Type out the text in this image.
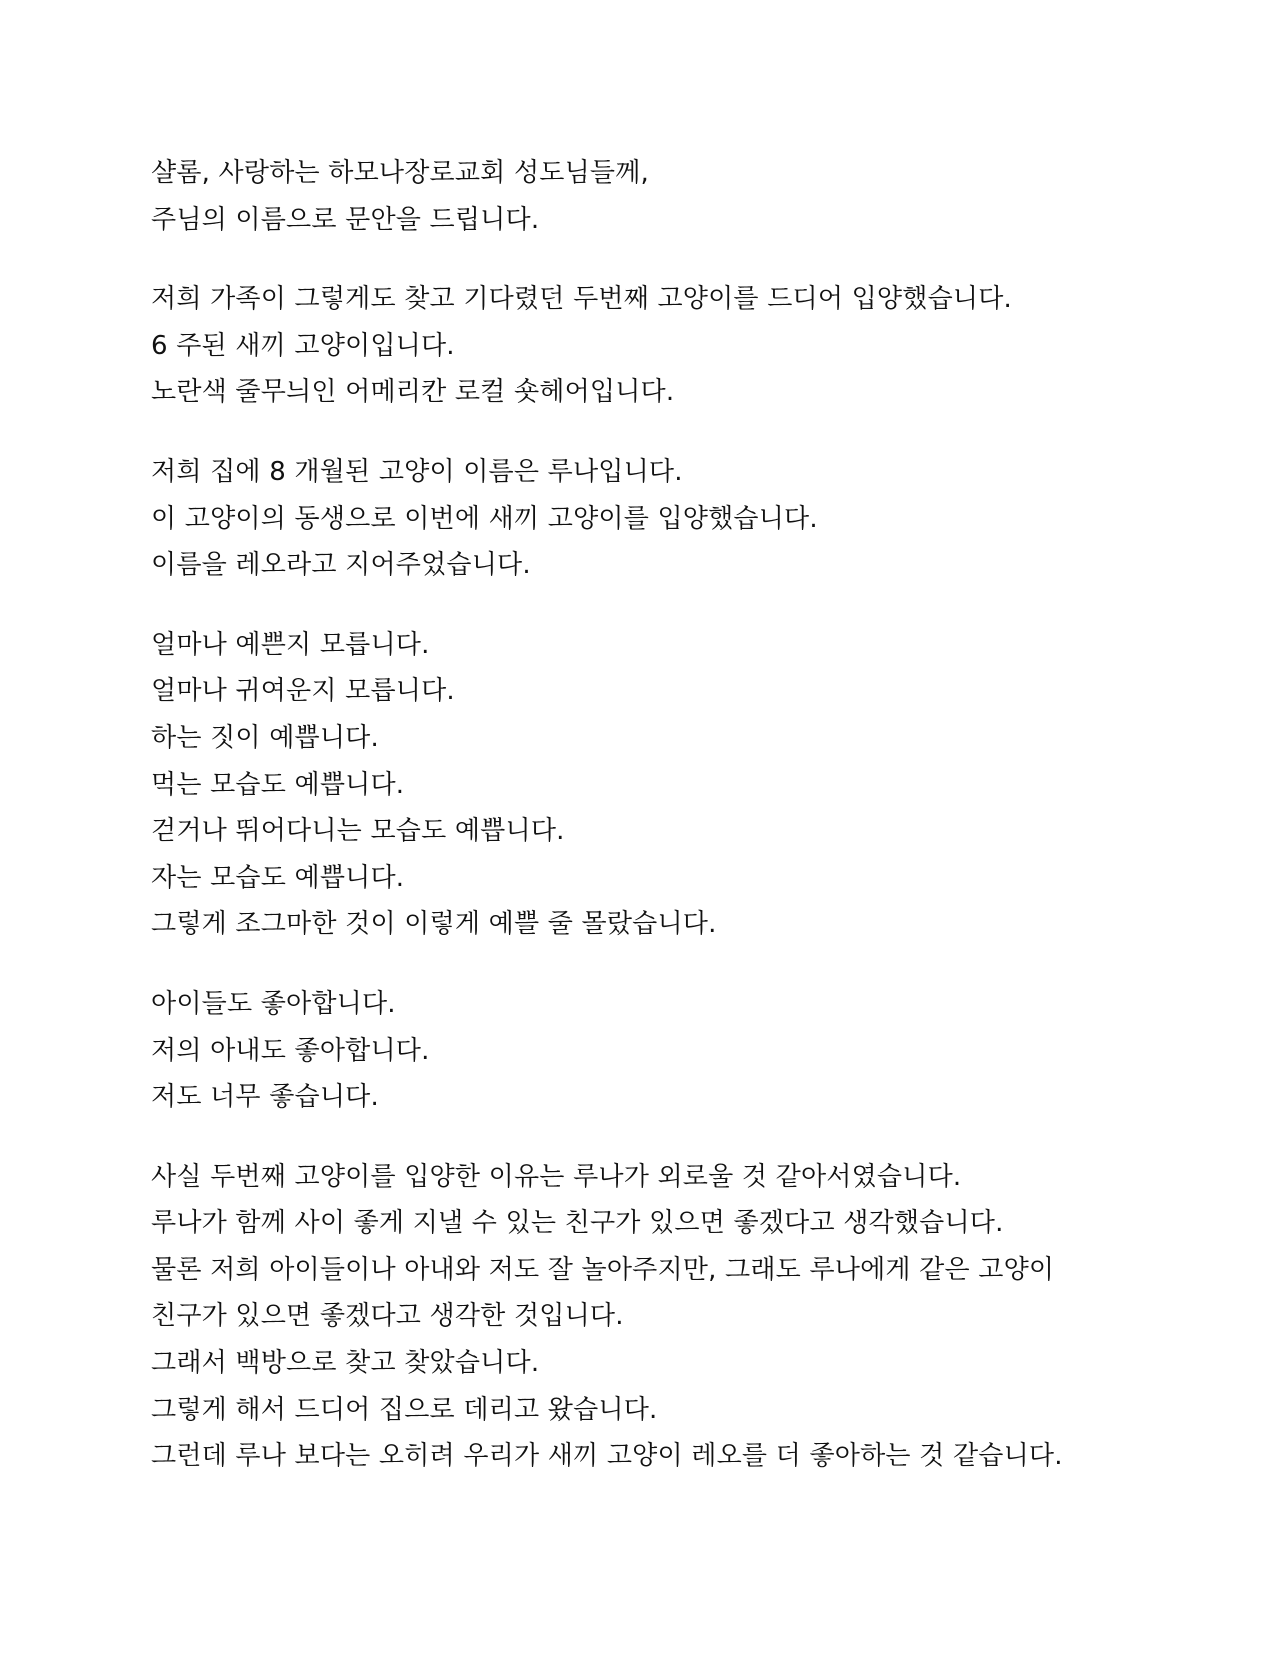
샬롬, 사랑하는 하모나장로교회 성도님들께,
주님의 이름으로 문안을 드립니다.
저희 가족이 그렇게도 찾고 기다렸던 두번째 고양이를 드디어 입양했습니다.
6 주된 새끼 고양이입니다.
노란색 줄무늬인 어메리칸 로컬 숏헤어입니다.
저희 집에 8 개월된 고양이 이름은 루나입니다.
이 고양이의 동생으로 이번에 새끼 고양이를 입양했습니다.
이름을 레오라고 지어주었습니다.
얼마나 예쁜지 모릅니다.
얼마나 귀여운지 모릅니다.
하는 짓이 예쁩니다.
먹는 모습도 예쁩니다.
걷거나 뛰어다니는 모습도 예쁩니다.
자는 모습도 예쁩니다.
그렇게 조그마한 것이 이렇게 예쁠 줄 몰랐습니다.
아이들도 좋아합니다.
저의 아내도 좋아합니다.
저도 너무 좋습니다.
사실 두번째 고양이를 입양한 이유는 루나가 외로울 것 같아서였습니다.
루나가 함께 사이 좋게 지낼 수 있는 친구가 있으면 좋겠다고 생각했습니다.
물론 저희 아이들이나 아내와 저도 잘 놀아주지만, 그래도 루나에게 같은 고양이
친구가 있으면 좋겠다고 생각한 것입니다.
그래서 백방으로 찾고 찾았습니다.
그렇게 해서 드디어 집으로 데리고 왔습니다.
그런데 루나 보다는 오히려 우리가 새끼 고양이 레오를 더 좋아하는 것 같습니다.
